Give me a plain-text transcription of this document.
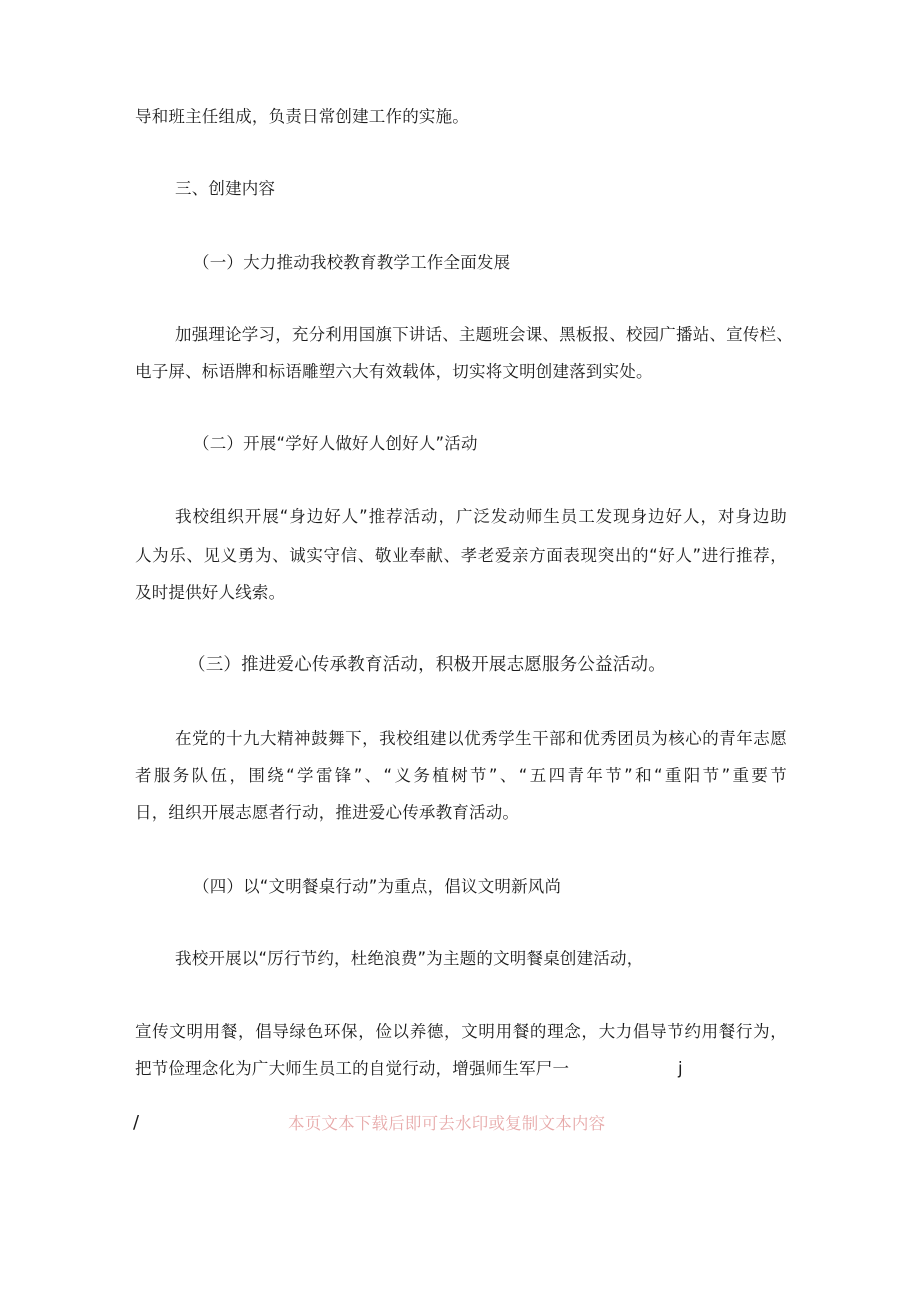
导和班主任组成，负责日常创建工作的实施。
三、创建内容
（一）大力推动我校教育教学工作全面发展
加强理论学习，充分利用国旗下讲话、主题班会课、黑板报、校园广播站、宣传栏、
电子屏、标语牌和标语雕塑六大有效载体，切实将文明创建落到实处。
（二）开展“学好人做好人创好人”活动
我校组织开展“身边好人”推荐活动，广泛发动师生员工发现身边好人，对身边助
人为乐、见义勇为、诚实守信、敬业奉献、孝老爱亲方面表现突出的“好人”进行推荐，
及时提供好人线索。
（三）推进爱心传承教育活动，积极开展志愿服务公益活动。
在党的十九大精神鼓舞下，我校组建以优秀学生干部和优秀团员为核心的青年志愿
者服务队伍，围绕“学雷锋”、“义务植树节”、“五四青年节”和“重阳节”重要节
日，组织开展志愿者行动，推进爱心传承教育活动。
（四）以“文明餐桌行动”为重点，倡议文明新风尚
我校开展以“厉行节约，杜绝浪费”为主题的文明餐桌创建活动，
宣传文明用餐，倡导绿色环保，俭以养德，文明用餐的理念，大力倡导节约用餐行为，
把节俭理念化为广大师生员工的自觉行动，增强师生军尸一	j
/	本页文本下载后即可去水印或复制文本内容
